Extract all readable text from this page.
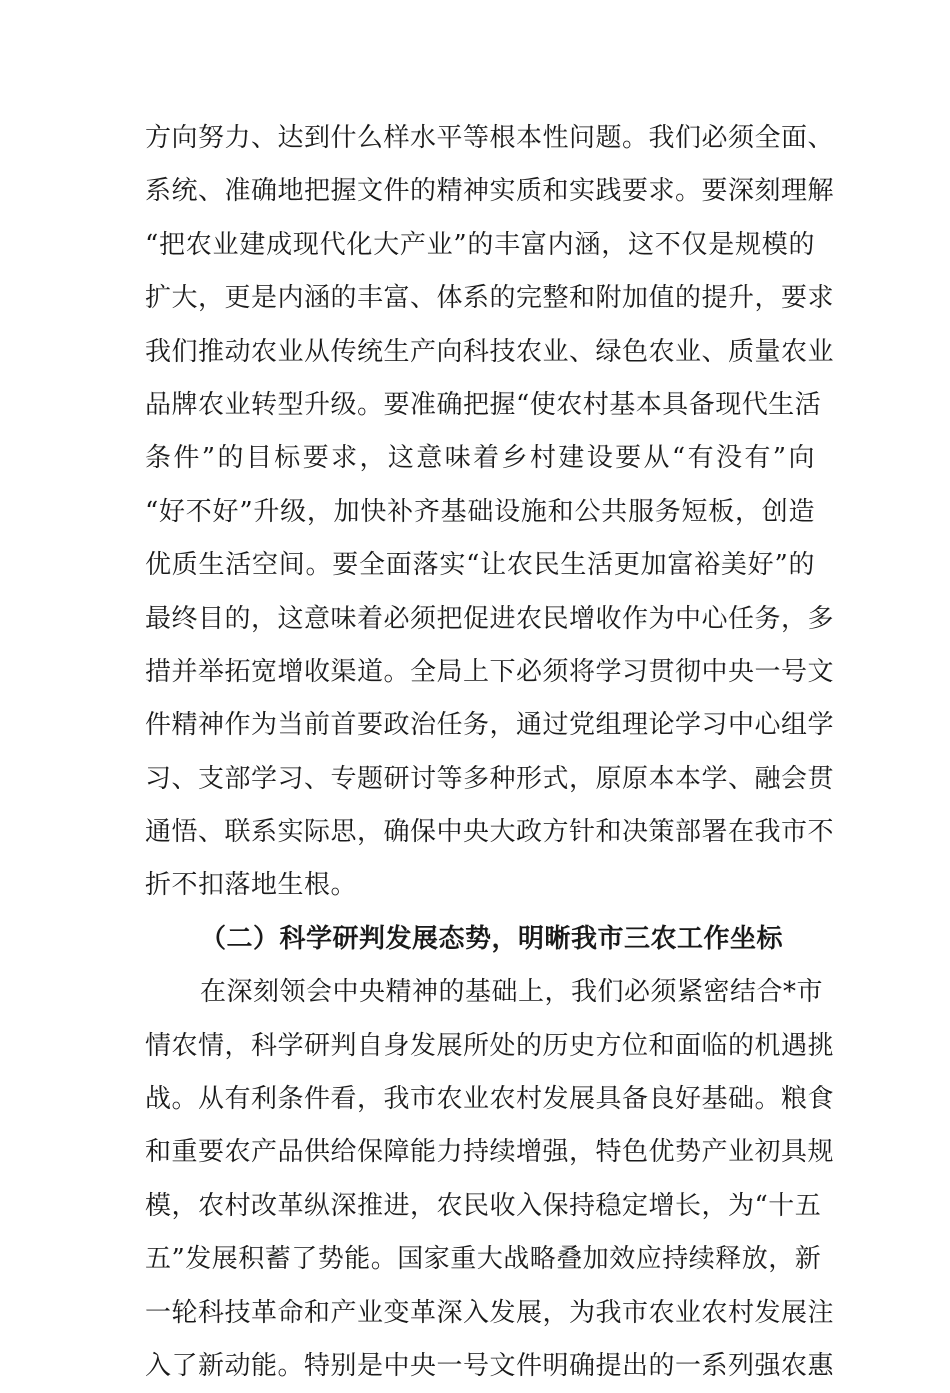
方向努力、达到什么样水平等根本性问题。我们必须全面、
系统、准确地把握文件的精神实质和实践要求。要深刻理解
“把农业建成现代化大产业”的丰富内涵，这不仅是规模的
扩大，更是内涵的丰富、体系的完整和附加值的提升，要求
我们推动农业从传统生产向科技农业、绿色农业、质量农业
品牌农业转型升级。要准确把握“使农村基本具备现代生活
条件”的目标要求，这意味着乡村建设要从“有没有”向
“好不好”升级，加快补齐基础设施和公共服务短板，创造
优质生活空间。要全面落实“让农民生活更加富裕美好”的
最终目的，这意味着必须把促进农民增收作为中心任务，多
措并举拓宽增收渠道。全局上下必须将学习贯彻中央一号文
件精神作为当前首要政治任务，通过党组理论学习中心组学
习、支部学习、专题研讨等多种形式，原原本本学、融会贯
通悟、联系实际思，确保中央大政方针和决策部署在我市不
折不扣落地生根。
（二）科学研判发展态势，明晰我市三农工作坐标
在深刻领会中央精神的基础上，我们必须紧密结合*市
情农情，科学研判自身发展所处的历史方位和面临的机遇挑
战。从有利条件看，我市农业农村发展具备良好基础。粮食
和重要农产品供给保障能力持续增强，特色优势产业初具规
模，农村改革纵深推进，农民收入保持稳定增长，为“十五
五”发展积蓄了势能。国家重大战略叠加效应持续释放，新
一轮科技革命和产业变革深入发展，为我市农业农村发展注
入了新动能。特别是中央一号文件明确提出的一系列强农惠
